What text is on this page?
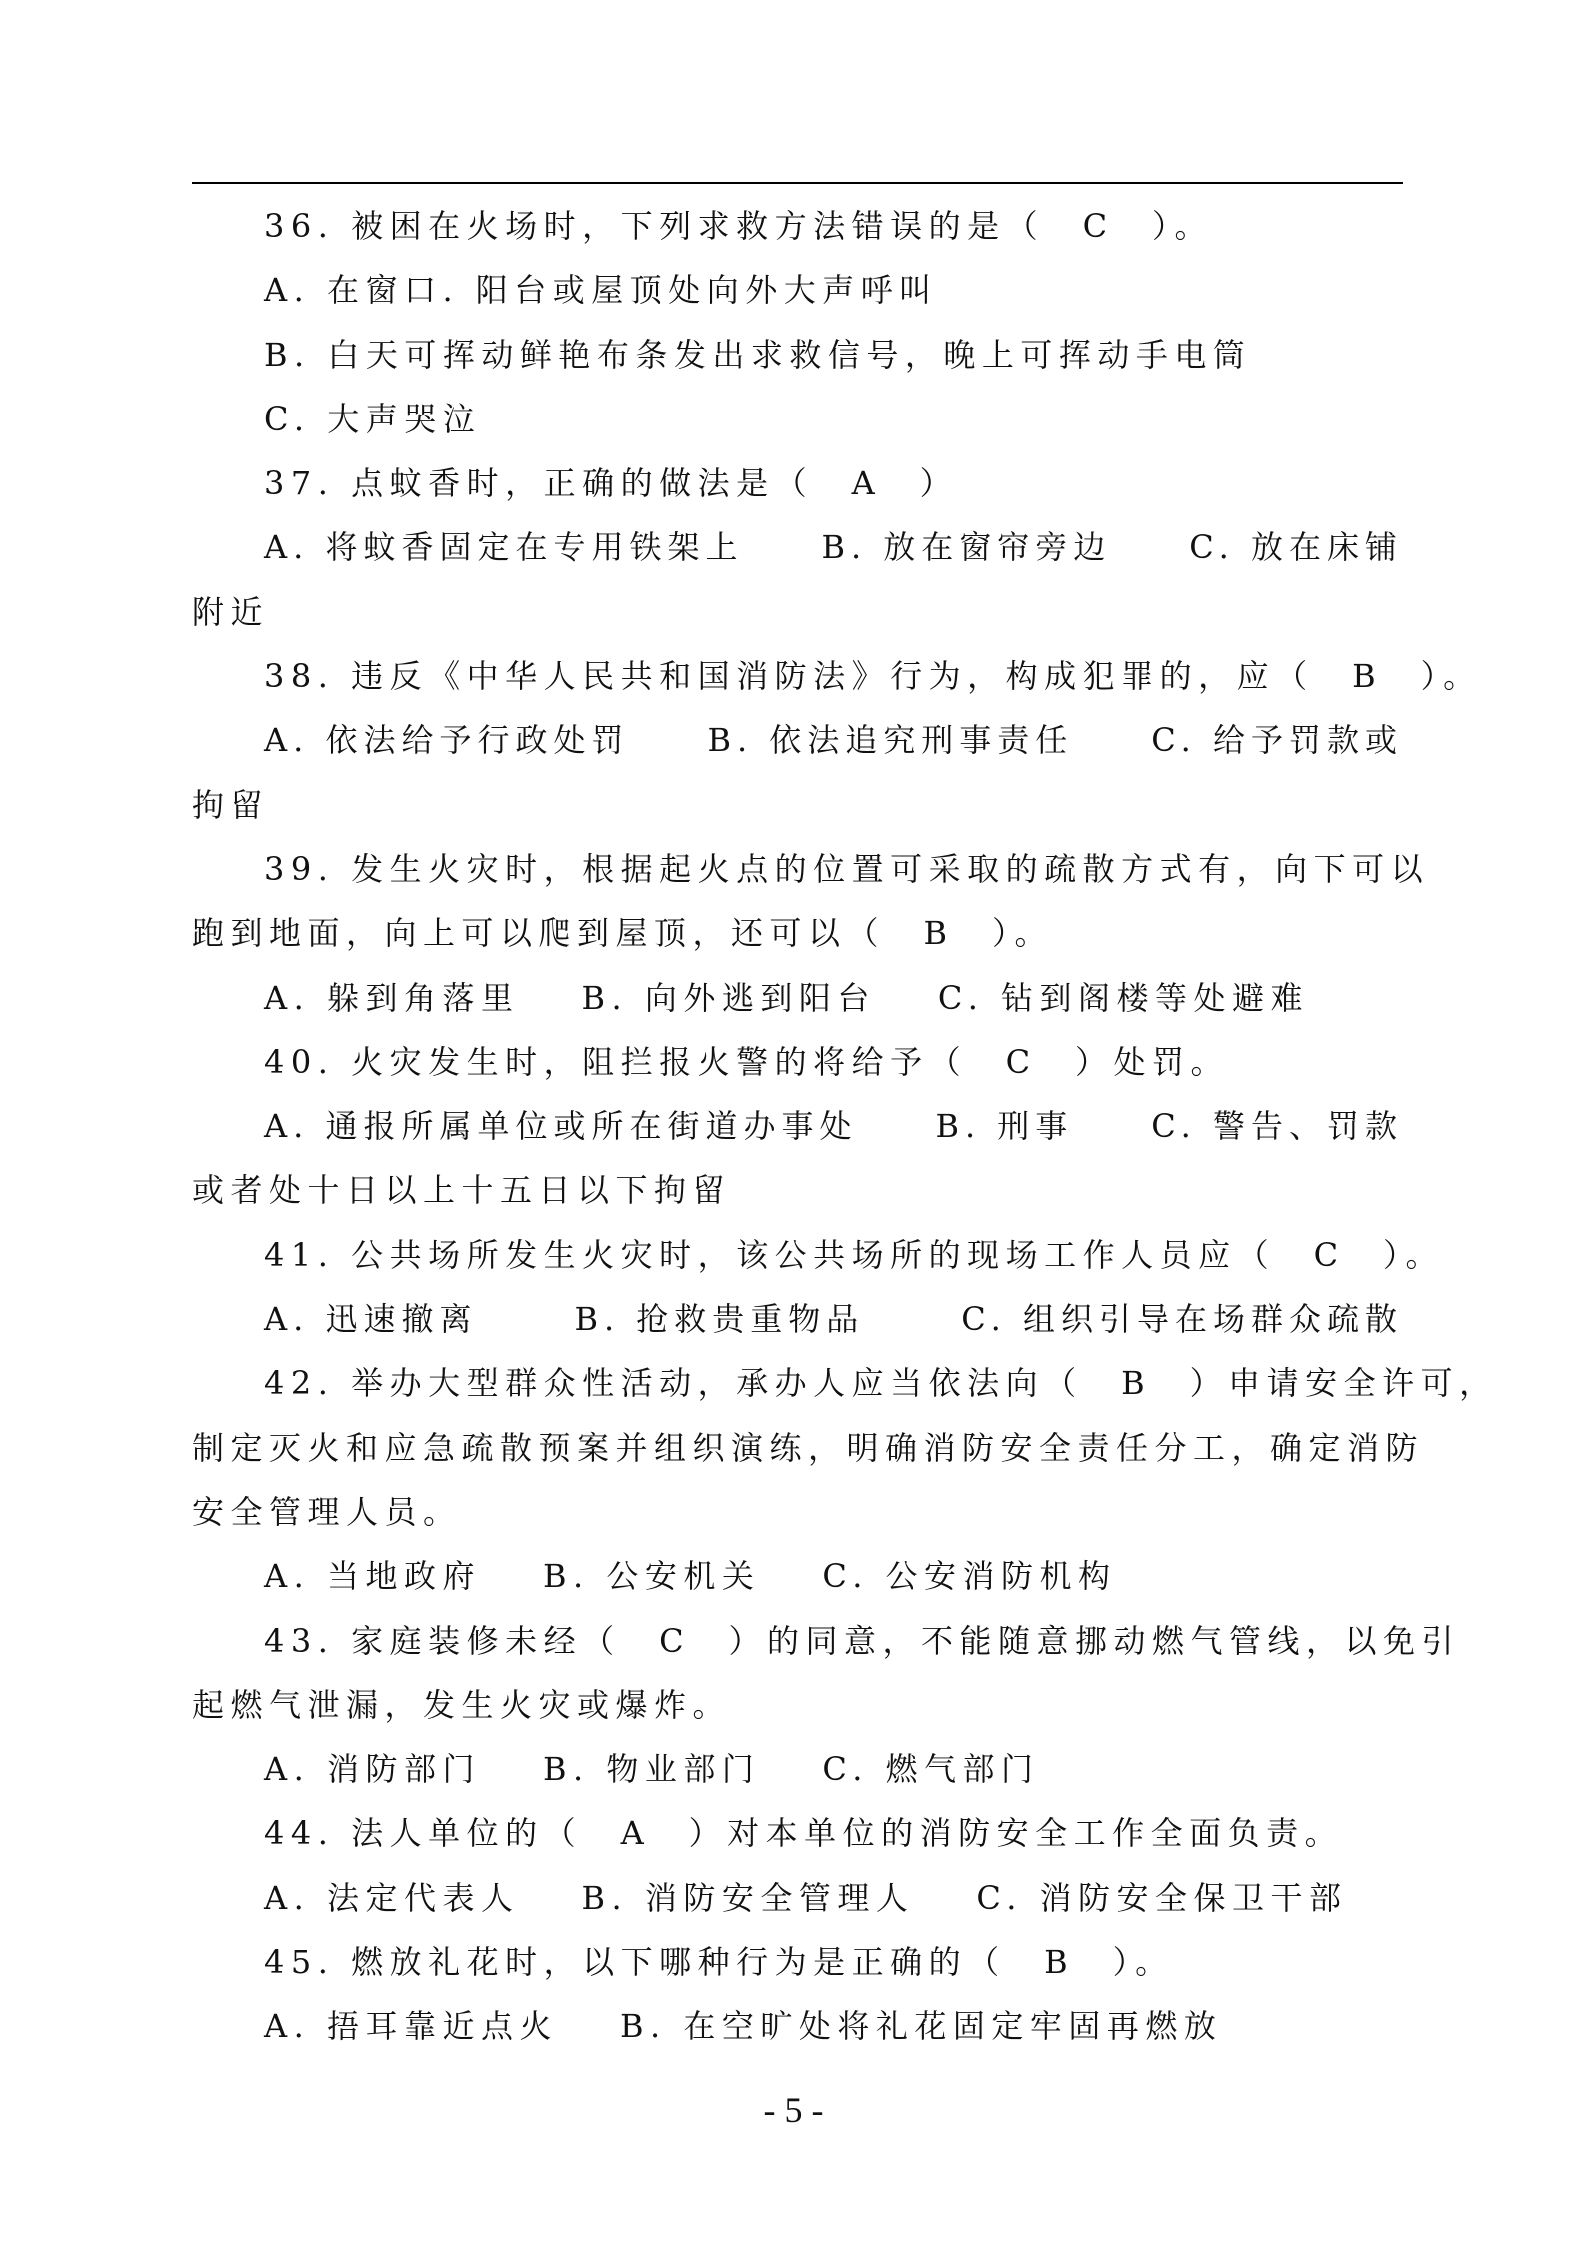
36. 被困在火场时，下列求救方法错误的是（　C　）。
A. 在窗口. 阳台或屋顶处向外大声呼叫
B. 白天可挥动鲜艳布条发出求救信号，晚上可挥动手电筒
C. 大声哭泣
37. 点蚊香时，正确的做法是（　A　）
A. 将蚊香固定在专用铁架上 B. 放在窗帘旁边 C. 放在床铺
附近
38. 违反《中华人民共和国消防法》行为，构成犯罪的，应（　B　）。
A. 依法给予行政处罚 B. 依法追究刑事责任 C. 给予罚款或
拘留
39. 发生火灾时，根据起火点的位置可采取的疏散方式有，向下可以
跑到地面，向上可以爬到屋顶，还可以（　B　）。
A. 躲到角落里 B. 向外逃到阳台 C. 钻到阁楼等处避难
40. 火灾发生时，阻拦报火警的将给予（　C　）处罚。
A. 通报所属单位或所在街道办事处 B. 刑事 C. 警告、罚款
或者处十日以上十五日以下拘留
41. 公共场所发生火灾时，该公共场所的现场工作人员应（　C　）。
A. 迅速撤离	B. 抢救贵重物品	C. 组织引导在场群众疏散
42. 举办大型群众性活动，承办人应当依法向（　B　）申请安全许可，
制定灭火和应急疏散预案并组织演练，明确消防安全责任分工，确定消防
安全管理人员。
A. 当地政府 B. 公安机关 C. 公安消防机构
43. 家庭装修未经（　C　）的同意，不能随意挪动燃气管线，以免引
起燃气泄漏，发生火灾或爆炸。
A. 消防部门 B. 物业部门 C. 燃气部门
44. 法人单位的（　A　）对本单位的消防安全工作全面负责。
A. 法定代表人 B. 消防安全管理人 C. 消防安全保卫干部
45. 燃放礼花时，以下哪种行为是正确的（　B　）。
A. 捂耳靠近点火 B. 在空旷处将礼花固定牢固再燃放
- 5 -
